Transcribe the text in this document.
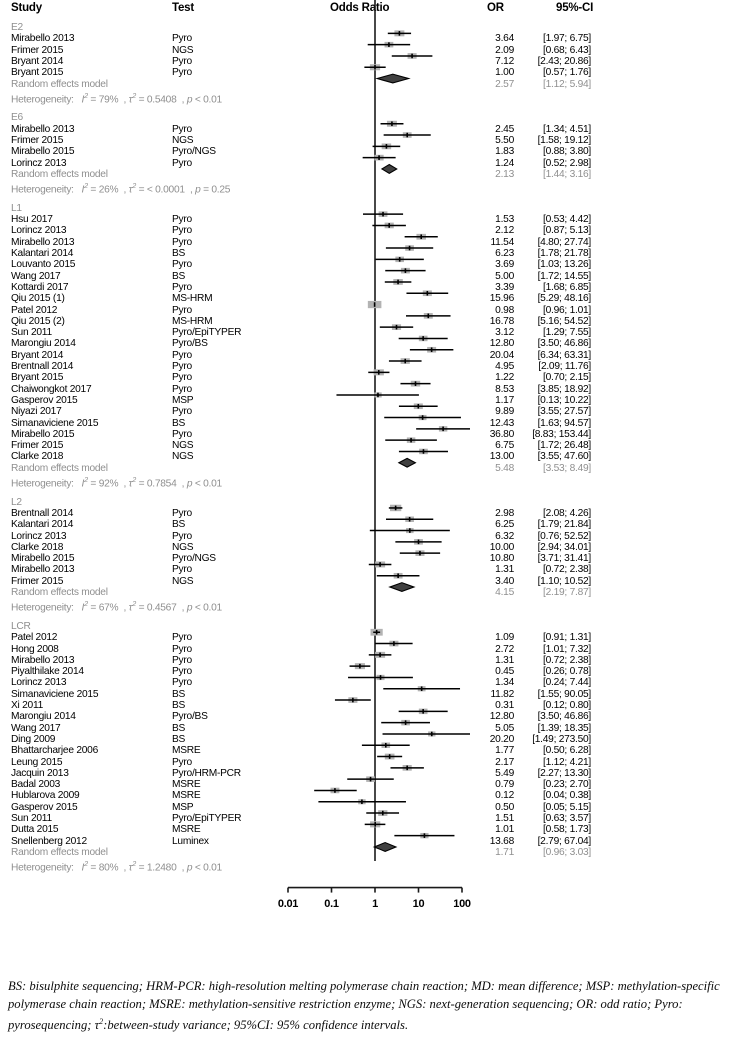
Study	Test	Odds Ratio	OR	95%-CI
E2
Mirabello 2013	Pyro	3.64	[1.97; 6.75]
Frimer 2015	NGS	2.09	[0.68; 6.43]
Bryant 2014	Pyro	7.12	[2.43; 20.86]
Bryant 2015	Pyro	1.00	[0.57; 1.76]
Random effects model	2.57	[1.12; 5.94]
Heterogeneity:   $I^2 = 79\%$  , $\tau^2 = 0.5408$  , p < 0.01
E6
Mirabello 2013	Pyro	2.45	[1.34; 4.51]
Frimer 2015	NGS	5.50	[1.58; 19.12]
Mirabello 2015	Pyro/NGS	1.83	[0.88; 3.80]
Lorincz 2013	Pyro	1.24	[0.52; 2.98]
Random effects model	2.13	[1.44; 3.16]
Heterogeneity:   $I^2 = 26\%$  , $\tau^2$ = < 0.0001  , p = 0.25
L1
Hsu 2017	Pyro	1.53	[0.53; 4.42]
Lorincz 2013	Pyro	2.12	[0.87; 5.13]
Mirabello 2013	Pyro	11.54	[4.80; 27.74]
Kalantari 2014	BS	6.23	[1.78; 21.78]
Louvanto 2015	Pyro	3.69	[1.03; 13.26]
Wang 2017	BS	5.00	[1.72; 14.55]
Kottardi 2017	Pyro	3.39	[1.68; 6.85]
Qiu 2015 (1)	MS-HRM	15.96	[5.29; 48.16]
Patel 2012	Pyro	0.98	[0.96; 1.01]
Qiu 2015 (2)	MS-HRM	16.78	[5.16; 54.52]
Sun 2011	Pyro/EpiTYPER	3.12	[1.29; 7.55]
Marongiu 2014	Pyro/BS	12.80	[3.50; 46.86]
Bryant 2014	Pyro	20.04	[6.34; 63.31]
Brentnall 2014	Pyro	4.95	[2.09; 11.76]
Bryant 2015	Pyro	1.22	[0.70; 2.15]
Chaiwongkot 2017	Pyro	8.53	[3.85; 18.92]
Gasperov 2015	MSP	1.17	[0.13; 10.22]
Niyazi 2017	Pyro	9.89	[3.55; 27.57]
Simanaviciene 2015	BS	12.43	[1.63; 94.57]
Mirabello 2015	Pyro	36.80	[8.83; 153.44]
Frimer 2015	NGS	6.75	[1.72; 26.48]
Clarke 2018	NGS	13.00	[3.55; 47.60]
Random effects model	5.48	[3.53; 8.49]
Heterogeneity:   $I^2 = 92\%$  , $\tau^2 = 0.7854$  , p < 0.01
L2
Brentnall 2014	Pyro	2.98	[2.08; 4.26]
Kalantari 2014	BS	6.25	[1.79; 21.84]
Lorincz 2013	Pyro	6.32	[0.76; 52.52]
Clarke 2018	NGS	10.00	[2.94; 34.01]
Mirabello 2015	Pyro/NGS	10.80	[3.71; 31.41]
Mirabello 2013	Pyro	1.31	[0.72; 2.38]
Frimer 2015	NGS	3.40	[1.10; 10.52]
Random effects model	4.15	[2.19; 7.87]
Heterogeneity:   $I^2 = 67\%$  , $\tau^2 = 0.4567$  , p < 0.01
LCR
Patel 2012	Pyro	1.09	[0.91; 1.31]
Hong 2008	Pyro	2.72	[1.01; 7.32]
Mirabello 2013	Pyro	1.31	[0.72; 2.38]
Piyalthilake 2014	Pyro	0.45	[0.26; 0.78]
Lorincz 2013	Pyro	1.34	[0.24; 7.44]
Simanaviciene 2015	BS	11.82	[1.55; 90.05]
Xi 2011	BS	0.31	[0.12; 0.80]
Marongiu 2014	Pyro/BS	12.80	[3.50; 46.86]
Wang 2017	BS	5.05	[1.39; 18.35]
Ding 2009	BS	20.20	[1.49; 273.50]
Bhattarcharjee 2006	MSRE	1.77	[0.50; 6.28]
Leung 2015	Pyro	2.17	[1.12; 4.21]
Jacquin 2013	Pyro/HRM-PCR	5.49	[2.27; 13.30]
Badal 2003	MSRE	0.79	[0.23; 2.70]
Hublarova 2009	MSRE	0.12	[0.04; 0.38]
Gasperov 2015	MSP	0.50	[0.05; 5.15]
Sun 2011	Pyro/EpiTYPER	1.51	[0.63; 3.57]
Dutta 2015	MSRE	1.01	[0.58; 1.73]
Snellenberg 2012	Luminex	13.68	[2.79; 67.04]
Random effects model	1.71	[0.96; 3.03]
Heterogeneity:   $I^2 = 80\%$  , $\tau^2 = 1.2480$  , p < 0.01
0.01 0.1	1	10	100
BS: bisulphite sequencing; HRM-PCR: high-resolution melting polymerase chain reaction; MD: mean difference; MSP: methylation-specific polymerase chain reaction; MSRE: methylation-sensitive restriction enzyme; NGS: next-generation sequencing; OR: odd ratio; Pyro: pyrosequencing; $\tau^2:between$-study variance; 95%CI: 95% confidence intervals.
